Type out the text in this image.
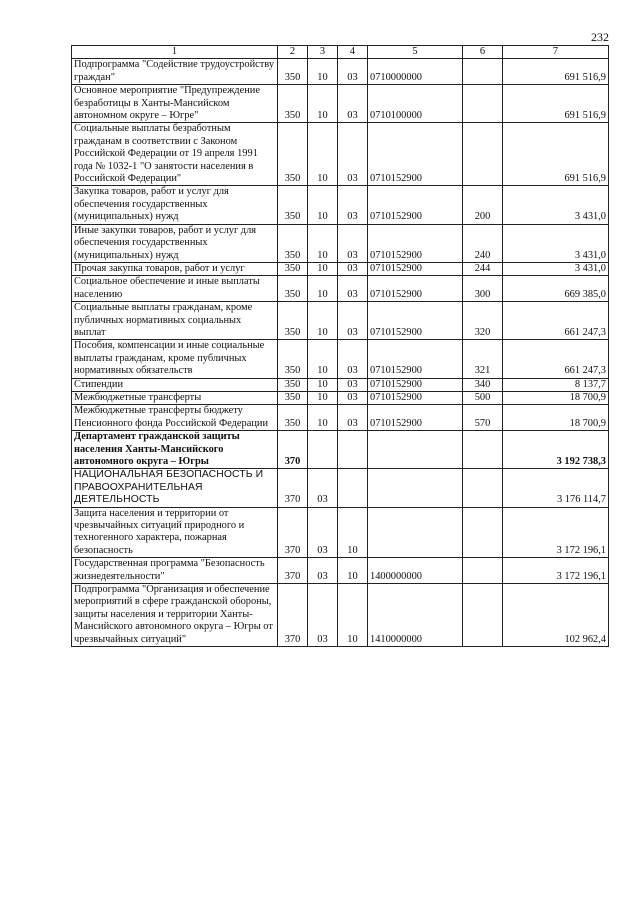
232
1	2	3	4	5	6	7
Подпрограмма "Содействие трудоустройству граждан"	350	10	03	0710000000		691 516,9
Основное мероприятие "Предупреждение безработицы в Ханты-Мансийском автономном округе – Югре"	350	10	03	0710100000		691 516,9
Социальные выплаты безработным гражданам в соответствии с Законом Российской Федерации от 19 апреля 1991 года № 1032-1 "О занятости населения в Российской Федерации"	350	10	03	0710152900		691 516,9
Закупка товаров, работ и услуг для обеспечения государственных (муниципальных) нужд	350	10	03	0710152900	200	3 431,0
Иные закупки товаров, работ и услуг для обеспечения государственных (муниципальных) нужд	350	10	03	0710152900	240	3 431,0
Прочая закупка товаров, работ и услуг	350	10	03	0710152900	244	3 431,0
Социальное обеспечение и иные выплаты населению	350	10	03	0710152900	300	669 385,0
Социальные выплаты гражданам, кроме публичных нормативных социальных выплат	350	10	03	0710152900	320	661 247,3
Пособия, компенсации и иные социальные выплаты гражданам, кроме публичных нормативных обязательств	350	10	03	0710152900	321	661 247,3
Стипендии	350	10	03	0710152900	340	8 137,7
Межбюджетные трансферты	350	10	03	0710152900	500	18 700,9
Межбюджетные трансферты бюджету Пенсионного фонда Российской Федерации	350	10	03	0710152900	570	18 700,9
Департамент гражданской защиты населения Ханты-Мансийского автономного округа – Югры	370					3 192 738,3
НАЦИОНАЛЬНАЯ БЕЗОПАСНОСТЬ И ПРАВООХРАНИТЕЛЬНАЯ ДЕЯТЕЛЬНОСТЬ	370	03				3 176 114,7
Защита населения и территории от чрезвычайных ситуаций природного и техногенного характера, пожарная безопасность	370	03	10			3 172 196,1
Государственная программа "Безопасность жизнедеятельности"	370	03	10	1400000000		3 172 196,1
Подпрограмма "Организация и обеспечение мероприятий в сфере гражданской обороны, защиты населения и территории Ханты-Мансийского автономного округа – Югры от чрезвычайных ситуаций"	370	03	10	1410000000		102 962,4
